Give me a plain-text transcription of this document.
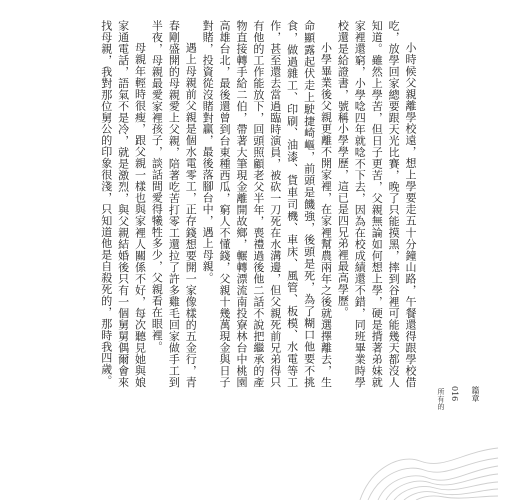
小時候父親離學校遠，想上學要走五十分鐘山路，午餐還得跟學校借吃，放學回家總要跟天光比賽，晚了只能摸黑，摔到谷裡可能幾天都沒人知道。雖然上學苦，但日子更苦，父親無論如何想上學，硬是揹著弟妹就家裡還窮，小學唸四年就唸不下去，因為在校成績還不錯，同班畢業時學校還是給證書，號稱小學學歷，這已是四兄弟裡最高學歷。

小學畢業後父親更離不開家裡，在家裡幫農兩年之後就選擇離去，生命顯露起伏走上駛捷崎嶇，前頭是饑強，後頭是死，為了糊口他要不挑食，做過雜工、印刷、油漆、貨車司機、車床、風管、板模、水電等工作，甚至還去當過臨時演員，被砍一刀死在水溝邊，但父親死前兄弟得只有他的工作能放下，回頭照顧老父半年，喪禮過後他二話不說把繼承的產物直接轉手給二伯，帶著大筆現金離開故鄉，輾轉漂流南投寮林台中桃園高雄台北，最後還曾到台東種西瓜，窮人不懂錢，父親十幾萬現金與日子對賭，投資從沒賭對贏，最後落腳台中，遇上母親。

遇上母親前父親是個水電零工，正存錢想要開一家像樣的五金行，青春剛盛開的母親愛上父親，陪著吃苦打零工還拉了許多雞毛回家做手工到半夜，母親最愛家裡孩子，談話間愛得犧牲多少，父親看在眼裡。

母親年輕時很瘦，跟父親一樣也與家裡人關係不好，每次聽見她與娘家通電話，語氣不是冷，就是激烈，與父親結婚後只有一個舅舅偶爾會來找母親，我對那位舅公的印象很淺，只知道他是自殺死的，那時我四歲。

所有的 016 篇章
